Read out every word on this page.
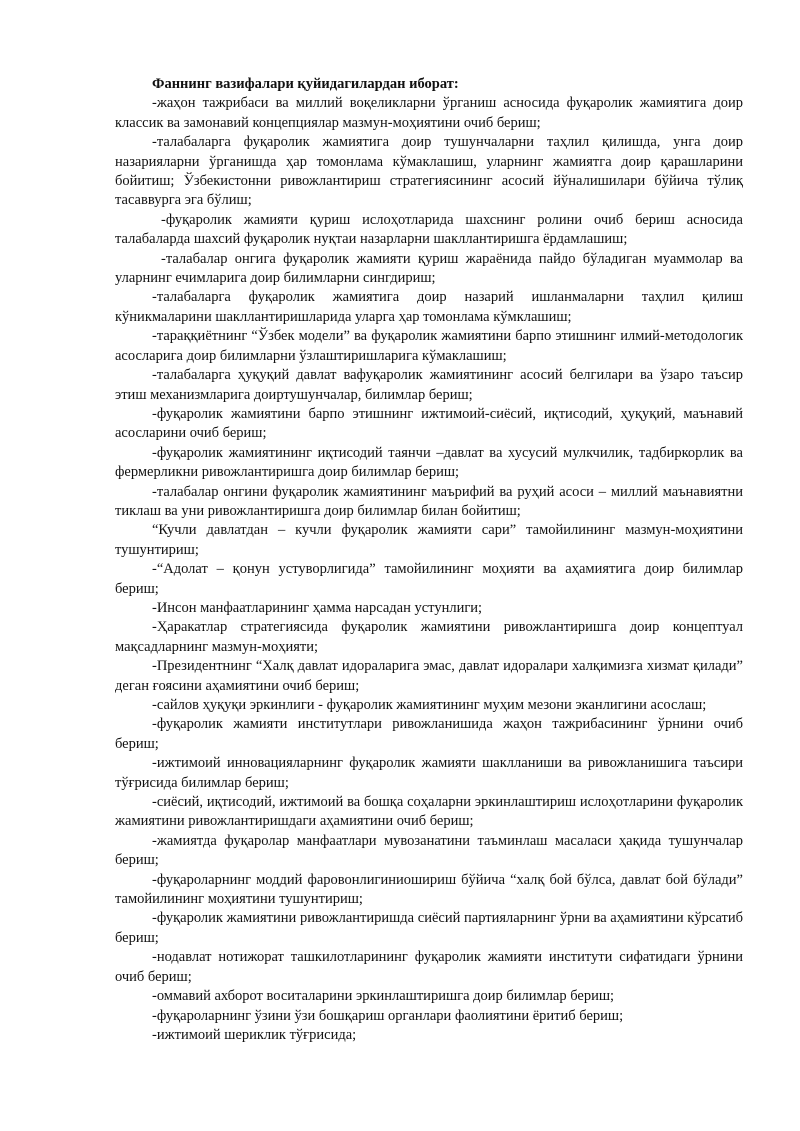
Фаннинг вазифалари қуйидагилардан иборат:

-жаҳон тажрибаси ва миллий воқеликларни ўрганиш асносида фуқаролик жамиятига доир классик ва замонавий концепциялар мазмун-моҳиятини очиб бериш;

-талабаларга фуқаролик жамиятига доир тушунчаларни таҳлил қилишда, унга доир назарияларни ўрганишда ҳар томонлама кўмаклашиш, уларнинг жамиятга доир қарашларини бойитиш; Ўзбекистонни ривожлантириш стратегиясининг асосий йўналишилари бўйича тўлиқ тасаввурга эга бўлиш;

-фуқаролик жамияти қуриш ислоҳотларида шахснинг ролини очиб бериш асносида талабаларда шахсий фуқаролик нуқтаи назарларни шакллантиришга ёрдамлашиш;

-талабалар онгига фуқаролик жамияти қуриш жараёнида пайдо бўладиган муаммолар ва уларнинг ечимларига доир билимларни сингдириш;

-талабаларга фуқаролик жамиятига доир назарий ишланмаларни таҳлил қилиш кўникмаларини шакллантиришларида уларга ҳар томонлама кўмклашиш;

-тараққиётнинг “Ўзбек модели” ва фуқаролик жамиятини барпо этишнинг илмий-методологик асосларига доир билимларни ўзлаштиришларига кўмаклашиш;

-талабаларга ҳуқуқий давлат вафуқаролик жамиятининг асосий белгилари ва ўзаро таъсир этиш механизмларига доиртушунчалар, билимлар бериш;

-фуқаролик жамиятини барпо этишнинг ижтимоий-сиёсий, иқтисодий, ҳуқуқий, маънавий асосларини очиб бериш;

-фуқаролик жамиятининг иқтисодий таянчи –давлат ва хусусий мулкчилик, тадбиркорлик ва фермерликни ривожлантиришга доир билимлар бериш;

-талабалар онгини фуқаролик жамиятининг маърифий ва руҳий асоси – миллий маънавиятни тиклаш ва уни ривожлантиришга доир билимлар билан бойитиш;

“Кучли давлатдан – кучли фуқаролик жамияти сари” тамойилининг мазмун-моҳиятини тушунтириш;

-“Адолат – қонун устуворлигида” тамойилининг моҳияти ва аҳамиятига доир билимлар бериш;

-Инсон манфаатларининг ҳамма нарсадан устунлиги;

-Ҳаракатлар стратегиясида фуқаролик жамиятини ривожлантиришга доир концептуал мақсадларнинг мазмун-моҳияти;

-Президентнинг “Халқ давлат идораларига эмас, давлат идоралари халқимизга хизмат қилади” деган ғоясини аҳамиятини очиб бериш;

-сайлов ҳуқуқи эркинлиги - фуқаролик жамиятининг муҳим мезони эканлигини асослаш;

-фуқаролик жамияти институтлари ривожланишида жаҳон тажрибасининг ўрнини очиб бериш;

-ижтимоий инновацияларнинг фуқаролик жамияти шаклланиши ва ривожланишига таъсири тўғрисида билимлар бериш;

-сиёсий, иқтисодий, ижтимоий ва бошқа соҳаларни эркинлаштириш ислоҳотларини фуқаролик жамиятини ривожлантиришдаги аҳамиятини очиб бериш;

-жамиятда фуқаролар манфаатлари мувозанатини таъминлаш масаласи ҳақида тушунчалар бериш;

-фуқароларнинг моддий фаровонлигиниошириш бўйича “халқ бой бўлса, давлат бой бўлади” тамойилининг моҳиятини тушунтириш;

-фуқаролик жамиятини ривожлантиришда сиёсий партияларнинг ўрни ва аҳамиятини кўрсатиб бериш;

-нодавлат нотижорат ташкилотларининг фуқаролик жамияти институти сифатидаги ўрнини очиб бериш;

-оммавий ахборот воситаларини эркинлаштиришга доир билимлар бериш;

-фуқароларнинг ўзини ўзи бошқариш органлари фаолиятини ёритиб бериш;

-ижтимоий шериклик тўғрисида;
